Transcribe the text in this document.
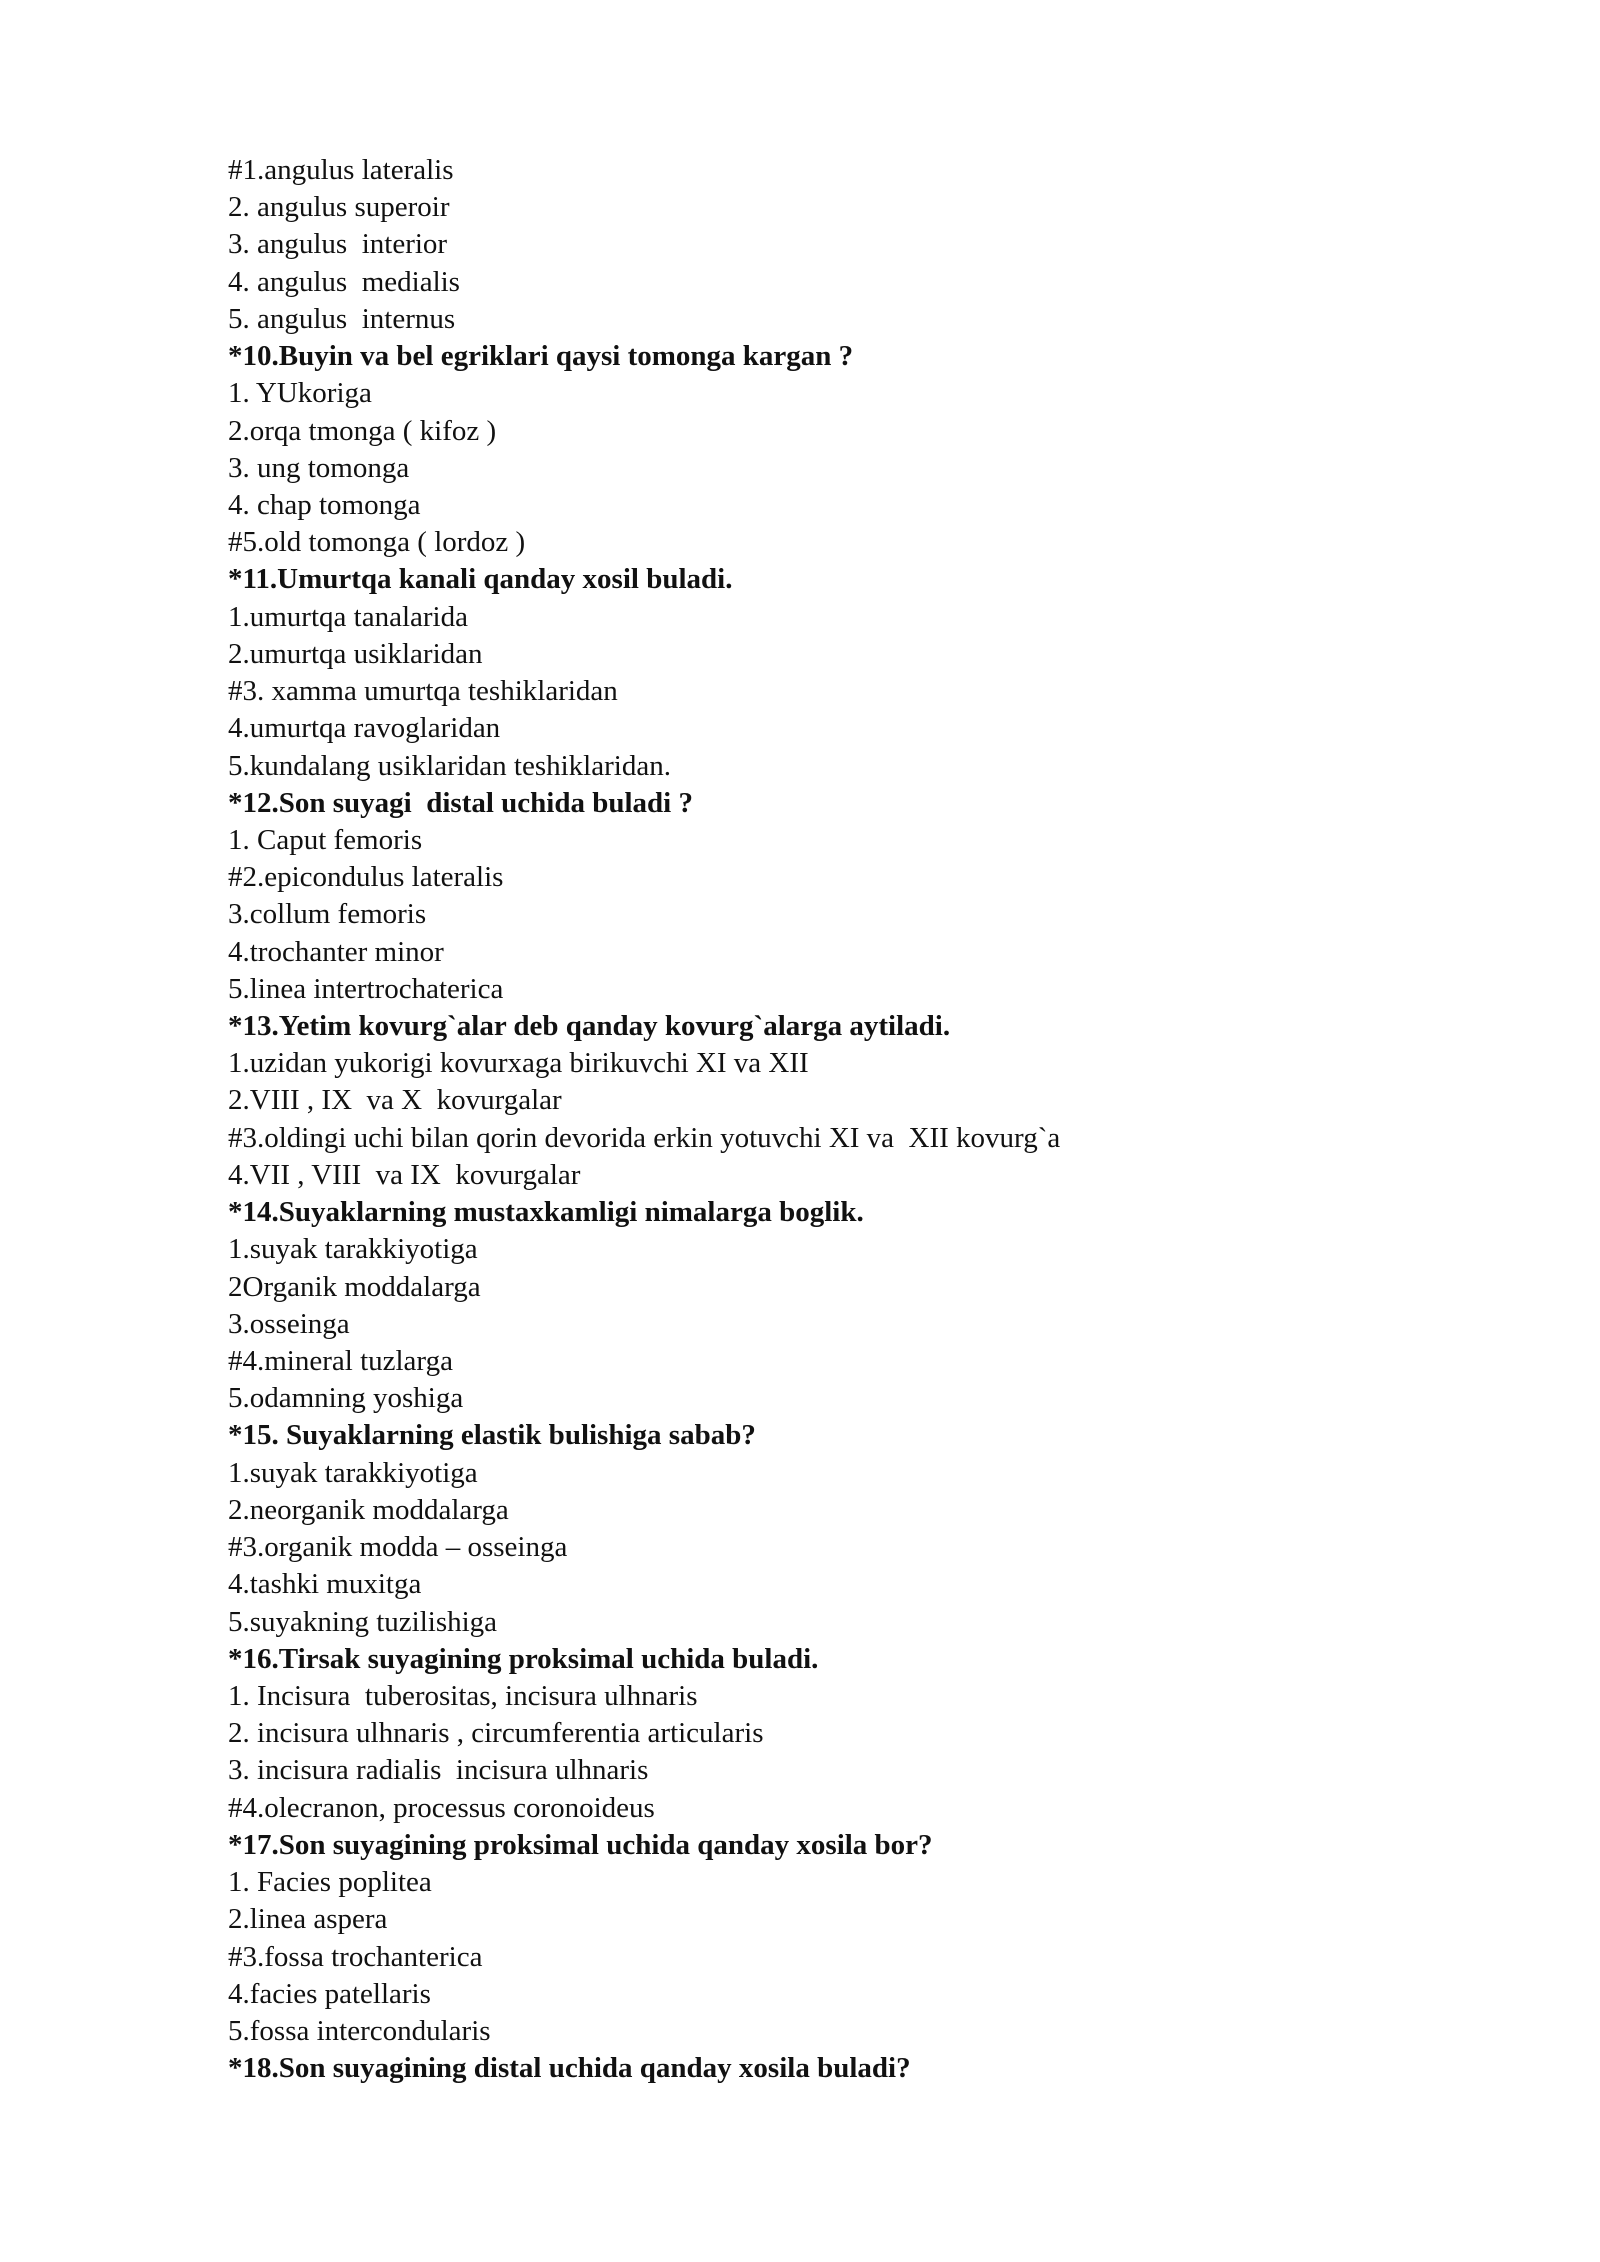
#1.angulus lateralis
2. angulus superoir
3. angulus  interior
4. angulus  medialis
5. angulus  internus
*10.Buyin va bel egriklari qaysi tomonga kargan ?
1. YUkoriga
2.orqa tmonga ( kifoz )
3. ung tomonga
4. chap tomonga
#5.old tomonga ( lordoz )
*11.Umurtqa kanali qanday xosil buladi.
1.umurtqa tanalarida
2.umurtqa usiklaridan
#3. xamma umurtqa teshiklaridan
4.umurtqa ravoglaridan
5.kundalang usiklaridan teshiklaridan.
*12.Son suyagi  distal uchida buladi ?
1. Caput femoris
#2.epicondulus lateralis
3.collum femoris
4.trochanter minor
5.linea intertrochaterica
*13.Yetim kovurg`alar deb qanday kovurg`alarga aytiladi.
1.uzidan yukorigi kovurxaga birikuvchi XI va XII
2.VIII , IX  va X  kovurgalar
#3.oldingi uchi bilan qorin devorida erkin yotuvchi XI va  XII kovurg`a
4.VII , VIII  va IX  kovurgalar
*14.Suyaklarning mustaxkamligi nimalarga boglik.
1.suyak tarakkiyotiga
2Organik moddalarga
3.osseinga
#4.mineral tuzlarga
5.odamning yoshiga
*15. Suyaklarning elastik bulishiga sabab?
1.suyak tarakkiyotiga
2.neorganik moddalarga
#3.organik modda – osseinga
4.tashki muxitga
5.suyakning tuzilishiga
*16.Tirsak suyagining proksimal uchida buladi.
1. Incisura  tuberositas, incisura ulhnaris
2. incisura ulhnaris , circumferentia articularis
3. incisura radialis  incisura ulhnaris
#4.olecranon, processus coronoideus
*17.Son suyagining proksimal uchida qanday xosila bor?
1. Facies poplitea
2.linea aspera
#3.fossa trochanterica
4.facies patellaris
5.fossa intercondularis
*18.Son suyagining distal uchida qanday xosila buladi?
